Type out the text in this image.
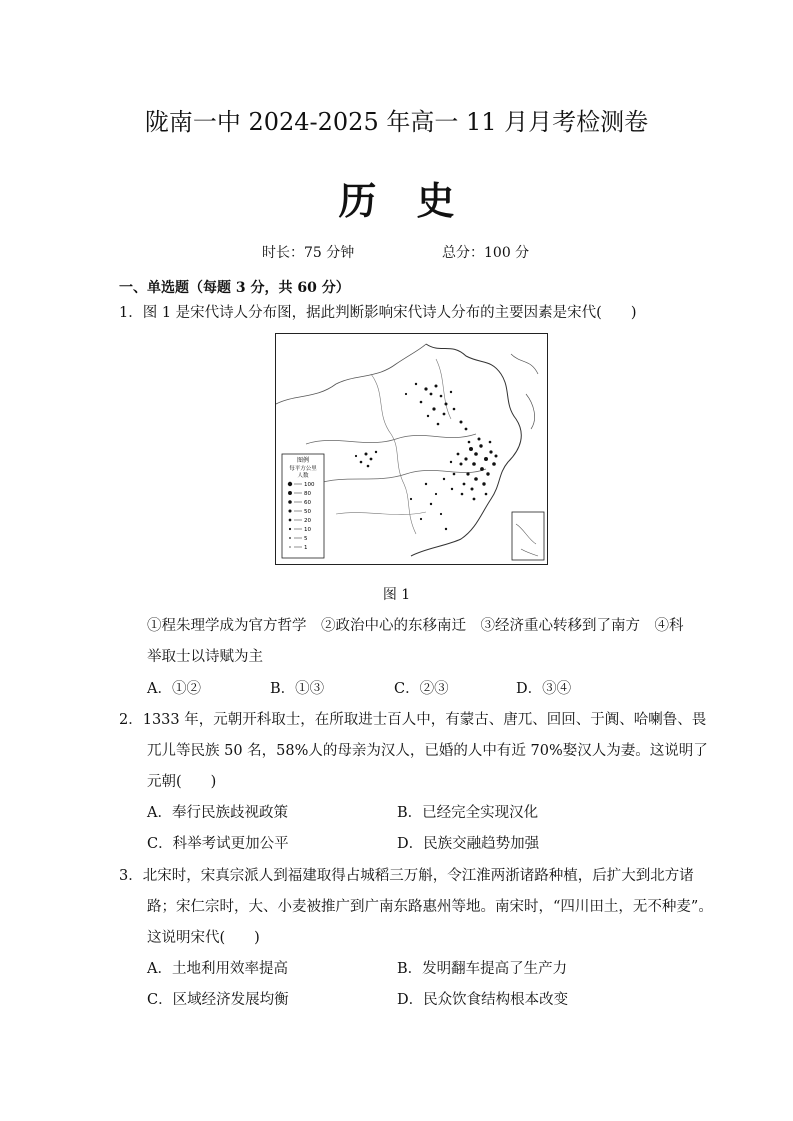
陇南一中 2024-2025 年高一 11 月月考检测卷
历史
时长：75 分钟	总分：100 分
一、单选题（每题 3 分，共 60 分）
1．图 1 是宋代诗人分布图，据此判断影响宋代诗人分布的主要因素是宋代(　　)
图例
每平方公里
人数
100
80
60
50
20
10
5
1
图 1
①程朱理学成为官方哲学　②政治中心的东移南迁　③经济重心转移到了南方　④科
举取士以诗赋为主
A．①②	B．①③	C．②③	D．③④
2．1333 年，元朝开科取士，在所取进士百人中，有蒙古、唐兀、回回、于阗、哈喇鲁、畏
兀儿等民族 50 名，58%人的母亲为汉人，已婚的人中有近 70%娶汉人为妻。这说明了
元朝(　　)
A．奉行民族歧视政策	B．已经完全实现汉化
C．科举考试更加公平	D．民族交融趋势加强
3．北宋时，宋真宗派人到福建取得占城稻三万斛，令江淮两浙诸路种植，后扩大到北方诸
路；宋仁宗时，大、小麦被推广到广南东路惠州等地。南宋时，“四川田土，无不种麦”。
这说明宋代(　　)
A．土地利用效率提高	B．发明翻车提高了生产力
C．区域经济发展均衡	D．民众饮食结构根本改变
